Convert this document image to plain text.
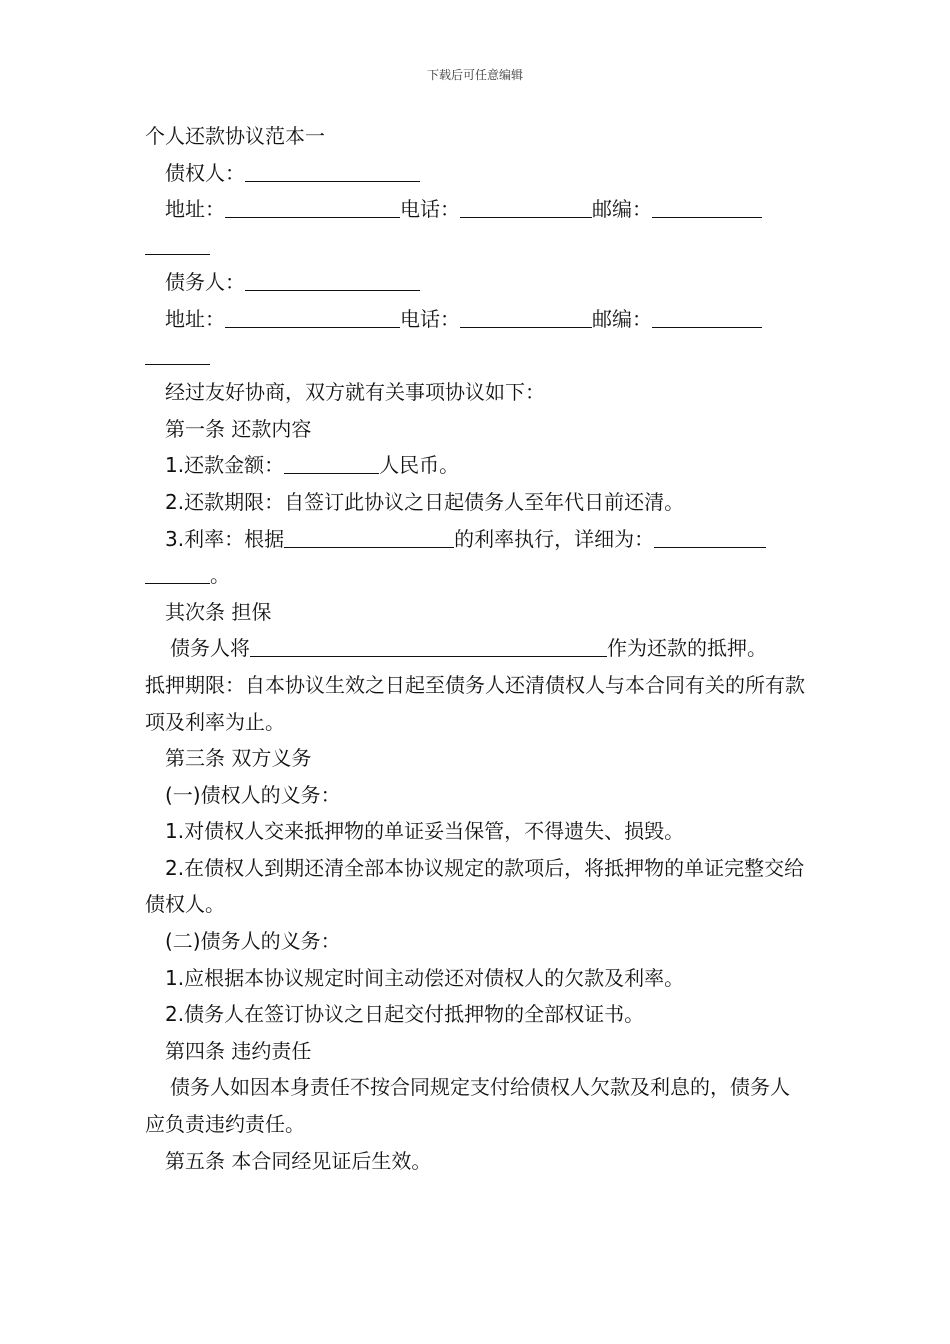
下载后可任意编辑

个人还款协议范本一

债权人：

地址：	电话：	邮编：

债务人：

地址：	电话：	邮编：

经过友好协商，双方就有关事项协议如下：

第一条 还款内容

1.还款金额：	人民币。

2.还款期限：自签订此协议之日起债务人至年代日前还清。

3.利率：根据	的利率执行，详细为：

。

其次条 担保

债务人将	作为还款的抵押。

抵押期限：自本协议生效之日起至债务人还清债权人与本合同有关的所有款项及利率为止。

第三条 双方义务

(一)债权人的义务：

1.对债权人交来抵押物的单证妥当保管，不得遗失、损毁。

2.在债权人到期还清全部本协议规定的款项后，将抵押物的单证完整交给债权人。

(二)债务人的义务：

1.应根据本协议规定时间主动偿还对债权人的欠款及利率。

2.债务人在签订协议之日起交付抵押物的全部权证书。

第四条 违约责任

债务人如因本身责任不按合同规定支付给债权人欠款及利息的，债务人应负责违约责任。

第五条 本合同经见证后生效。
